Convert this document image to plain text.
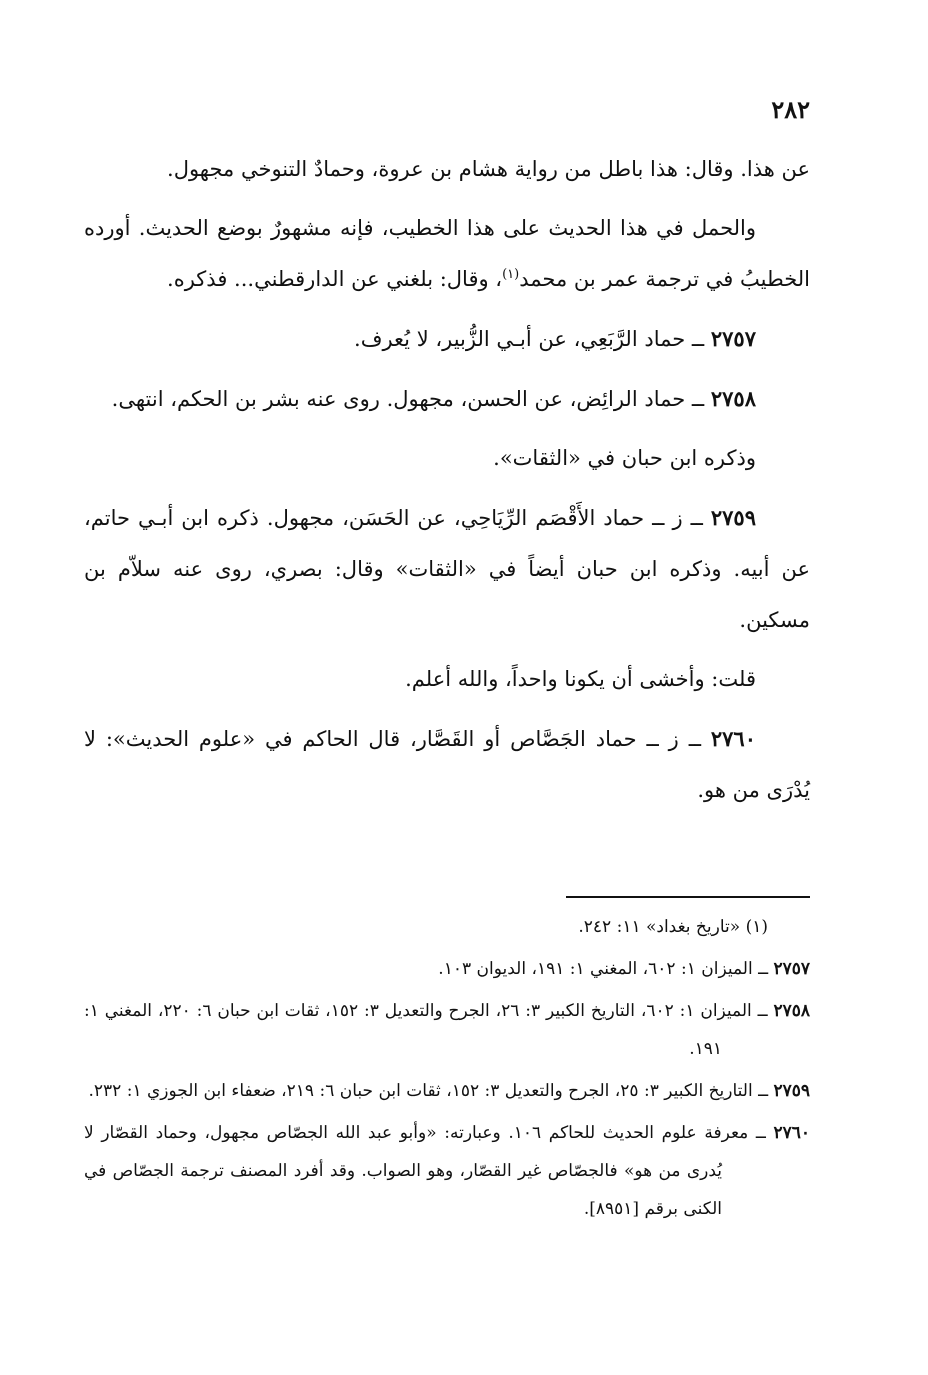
٢٨٢

عن هذا. وقال: هذا باطل من رواية هشام بن عروة، وحمادٌ التنوخي مجهول.

والحمل في هذا الحديث على هذا الخطيب، فإنه مشهورٌ بوضع الحديث. أورده الخطيبُ في ترجمة عمر بن محمد$^{(١)}$، وقال: بلغني عن الدارقطني... فذكره.

٢٧٥٧ ــ حماد الرَّبَعِي، عن أبـي الزُّبير، لا يُعرف.

٢٧٥٨ ــ حماد الرائِض، عن الحسن، مجهول. روى عنه بشر بن الحكم، انتهى.

وذكره ابن حبان في «الثقات».

٢٧٥٩ ــ ز ــ حماد الأَقْصَم الرِّيَاحِي، عن الحَسَن، مجهول. ذكره ابن أبـي حاتم، عن أبيه. وذكره ابن حبان أيضاً في «الثقات» وقال: بصري، روى عنه سلاّم بن مسكين.

قلت: وأخشى أن يكونا واحداً، والله أعلم.

٢٧٦٠ ــ ز ــ حماد الجَصَّاص أو القَصَّار، قال الحاكم في «علوم الحديث»: لا يُدْرَى من هو.

(١) «تاريخ بغداد» ١١: ٢٤٢.

٢٧٥٧ ــ الميزان ١: ٦٠٢، المغني ١: ١٩١، الديوان ١٠٣.

٢٧٥٨ ــ الميزان ١: ٦٠٢، التاريخ الكبير ٣: ٢٦، الجرح والتعديل ٣: ١٥٢، ثقات ابن حبان ٦: ٢٢٠، المغني ١: ١٩١.

٢٧٥٩ ــ التاريخ الكبير ٣: ٢٥، الجرح والتعديل ٣: ١٥٢، ثقات ابن حبان ٦: ٢١٩، ضعفاء ابن الجوزي ١: ٢٣٢.

٢٧٦٠ ــ معرفة علوم الحديث للحاكم ١٠٦. وعبارته: «وأبو عبد الله الجصّاص مجهول، وحماد القصّار لا يُدرى من هو» فالجصّاص غير القصّار، وهو الصواب. وقد أفرد المصنف ترجمة الجصّاص في الكنى برقم [٨٩٥١].
